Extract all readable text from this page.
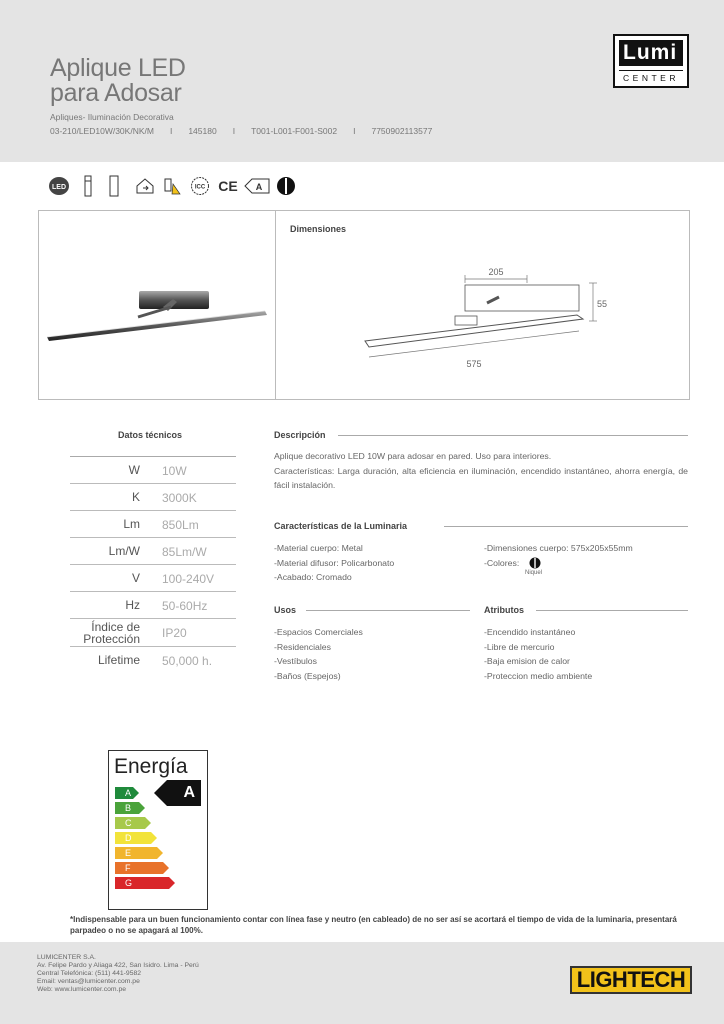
Aplique LED
para Adosar
Apliques- Iluminación Decorativa
03-210/LED10W/30K/NK/M I 145180 I T001-L001-F001-S002 I 7750902113577
Lumi
CENTER
LED	ICC CE A
Dimensiones
205
55
575
Datos técnicos
W 10W
K 3000K
Lm 850Lm
Lm/W 85Lm/W
V 100-240V
Hz 50-60Hz
Índice de Protección IP20
Lifetime 50,000 h.
Descripción
Aplique decorativo LED 10W para adosar en pared. Uso para interiores.
Características: Larga duración, alta eficiencia en iluminación, encendido instantáneo, ahorra energía, de fácil instalación.
Características de la Luminaria
-Material cuerpo: Metal
-Material difusor: Policarbonato
-Acabado: Cromado
-Dimensiones cuerpo: 575x205x55mm
-Colores:
Niquel
Usos
-Espacios Comerciales
-Residenciales
-Vestíbulos
-Baños (Espejos)
Atributos
-Encendido instantáneo
-Libre de mercurio
-Baja emision de calor
-Proteccion medio ambiente
Energía
A
B
C
D
E
F
G
A
*Indispensable para un buen funcionamiento contar con línea fase y neutro (en cableado) de no ser así se acortará el tiempo de vida de la luminaria, presentará parpadeo o no se apagará al 100%.
LUMICENTER S.A.
Av. Felipe Pardo y Aliaga 422, San Isidro. Lima - Perú
Central Telefónica: (511) 441-9582
Email: ventas@lumicenter.com.pe
Web: www.lumicenter.com.pe	LIGHTECH
